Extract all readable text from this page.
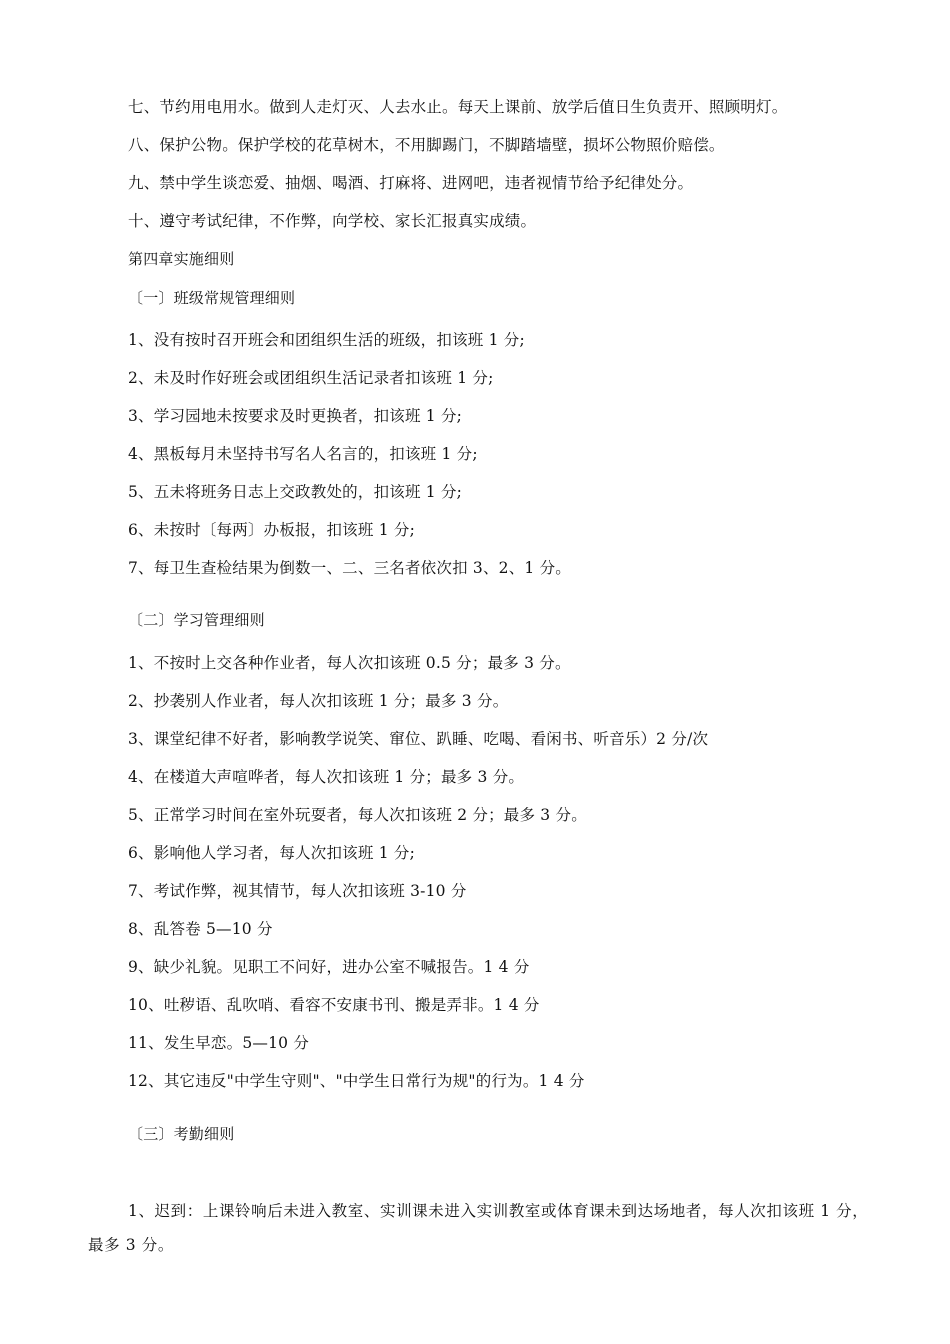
七、节约用电用水。做到人走灯灭、人去水止。每天上课前、放学后值日生负责开、照顾明灯。
八、保护公物。保护学校的花草树木，不用脚踢门，不脚踏墙壁，损坏公物照价赔偿。
九、禁中学生谈恋爱、抽烟、喝酒、打麻将、进网吧，违者视情节给予纪律处分。
十、遵守考试纪律，不作弊，向学校、家长汇报真实成绩。
第四章实施细则
〔一〕班级常规管理细则
1、没有按时召开班会和团组织生活的班级，扣该班 1 分;
2、未及时作好班会或团组织生活记录者扣该班 1 分;
3、学习园地未按要求及时更换者，扣该班 1 分;
4、黑板每月未坚持书写名人名言的，扣该班 1 分;
5、五未将班务日志上交政教处的，扣该班 1 分;
6、未按时〔每两〕办板报，扣该班 1 分;
7、每卫生查检结果为倒数一、二、三名者依次扣 3、2、1 分。
〔二〕学习管理细则
1、不按时上交各种作业者，每人次扣该班 0.5 分；最多 3 分。
2、抄袭别人作业者，每人次扣该班 1 分；最多 3 分。
3、课堂纪律不好者，影响教学说笑、窜位、趴睡、吃喝、看闲书、听音乐）2 分/次
4、在楼道大声喧哗者，每人次扣该班 1 分；最多 3 分。
5、正常学习时间在室外玩耍者，每人次扣该班 2 分；最多 3 分。
6、影响他人学习者，每人次扣该班 1 分;
7、考试作弊，视其情节，每人次扣该班 3-10 分
8、乱答卷 5—10 分
9、缺少礼貌。见职工不问好，进办公室不喊报告。1 4 分
10、吐秽语、乱吹哨、看容不安康书刊、搬是弄非。1 4 分
11、发生早恋。5—10 分
12、其它违反"中学生守则"、"中学生日常行为规"的行为。1 4 分
〔三〕考勤细则
1、迟到：上课铃响后未进入教室、实训课未进入实训教室或体育课未到达场地者，每人次扣该班 1 分，最多 3 分。
